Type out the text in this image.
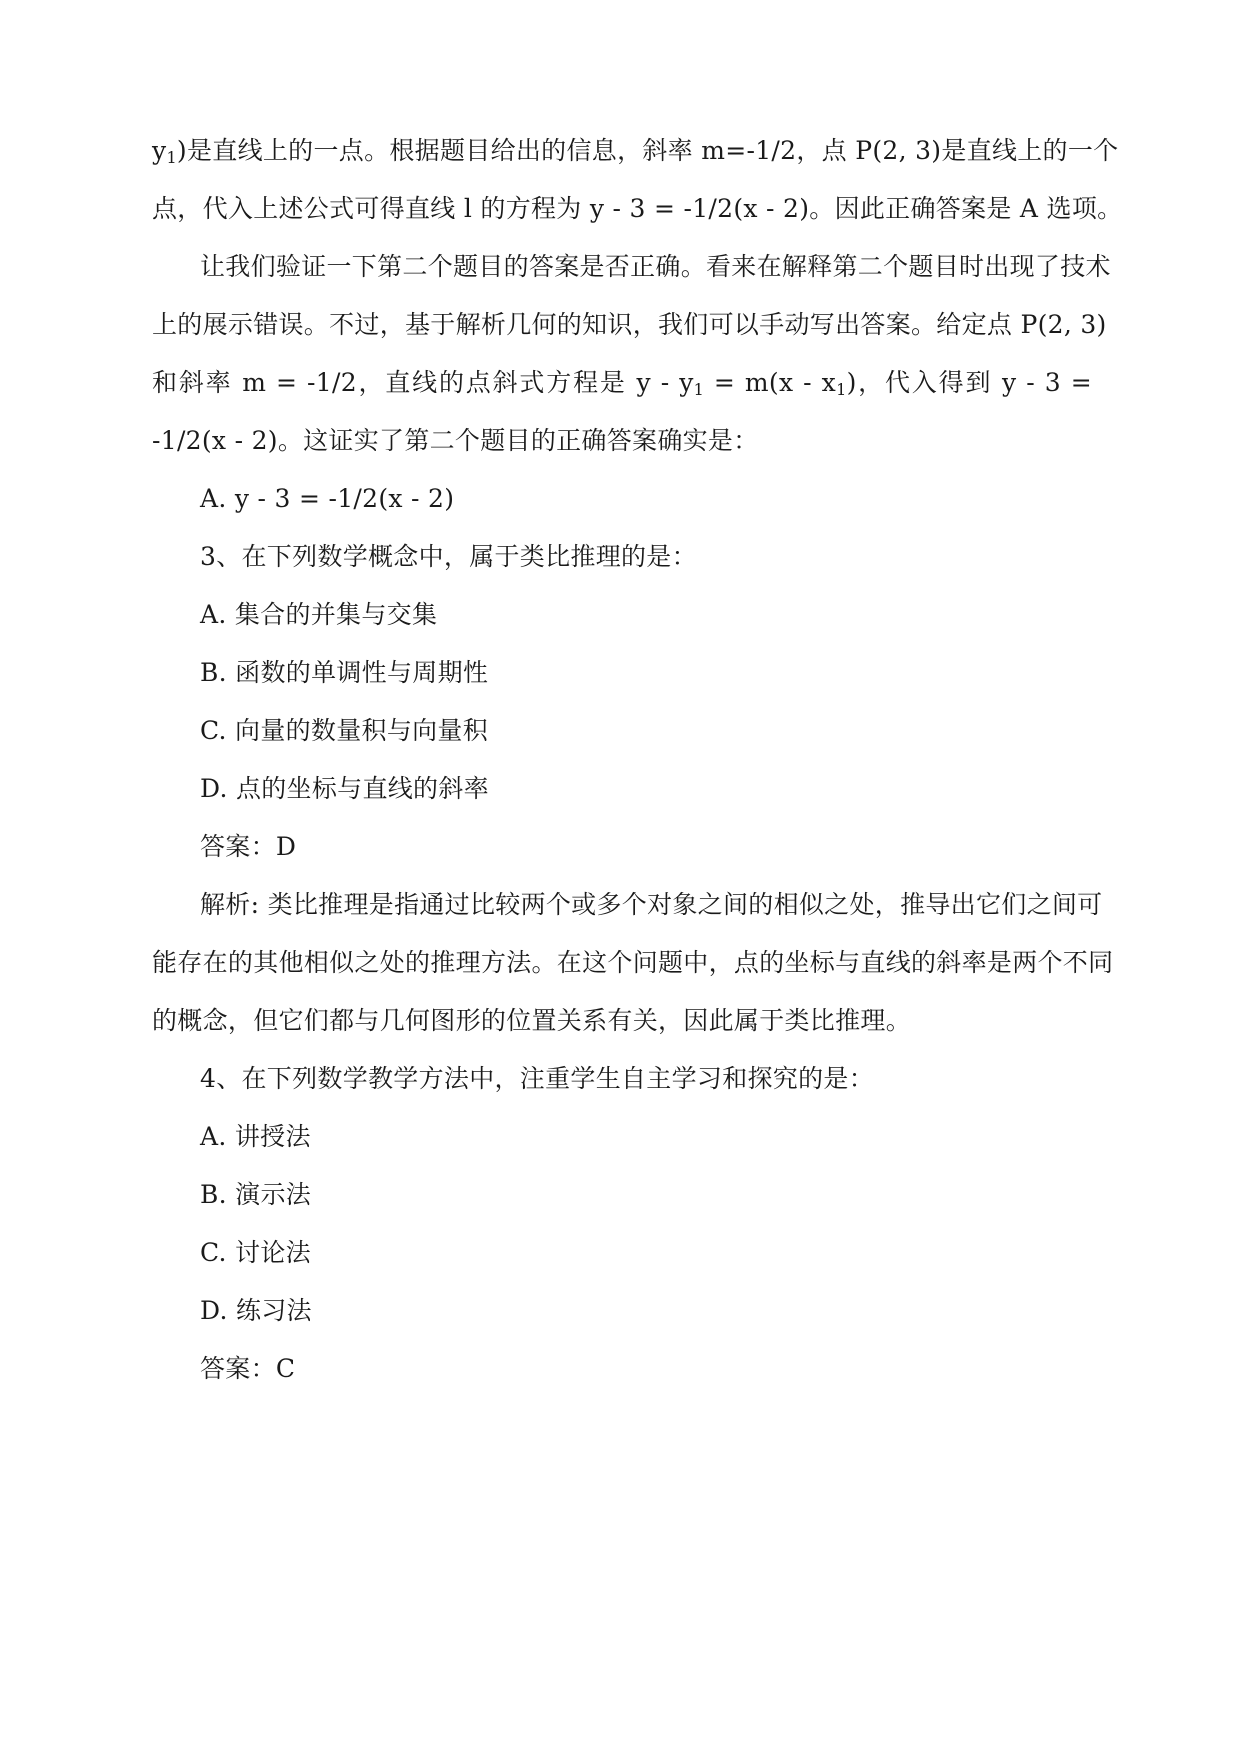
$y_1$)是直线上的一点。根据题目给出的信息，斜率 m=-1/2，点 P(2, 3)是直线上的一个
点，代入上述公式可得直线 l 的方程为 y - 3 = -1/2(x - 2)。因此正确答案是 A 选项。
让我们验证一下第二个题目的答案是否正确。看来在解释第二个题目时出现了技术
上的展示错误。不过，基于解析几何的知识，我们可以手动写出答案。给定点 P(2, 3)
和斜率 m = -1/2，直线的点斜式方程是 $y - y_1 = m(x - x_1)$，代入得到 y - 3 =
-1/2(x - 2)。这证实了第二个题目的正确答案确实是：
A. y - 3 = -1/2(x - 2)
3、在下列数学概念中，属于类比推理的是：
A. 集合的并集与交集
B. 函数的单调性与周期性
C. 向量的数量积与向量积
D. 点的坐标与直线的斜率
答案：D
解析: 类比推理是指通过比较两个或多个对象之间的相似之处，推导出它们之间可
能存在的其他相似之处的推理方法。在这个问题中，点的坐标与直线的斜率是两个不同
的概念，但它们都与几何图形的位置关系有关，因此属于类比推理。
4、在下列数学教学方法中，注重学生自主学习和探究的是：
A. 讲授法
B. 演示法
C. 讨论法
D. 练习法
答案：C
